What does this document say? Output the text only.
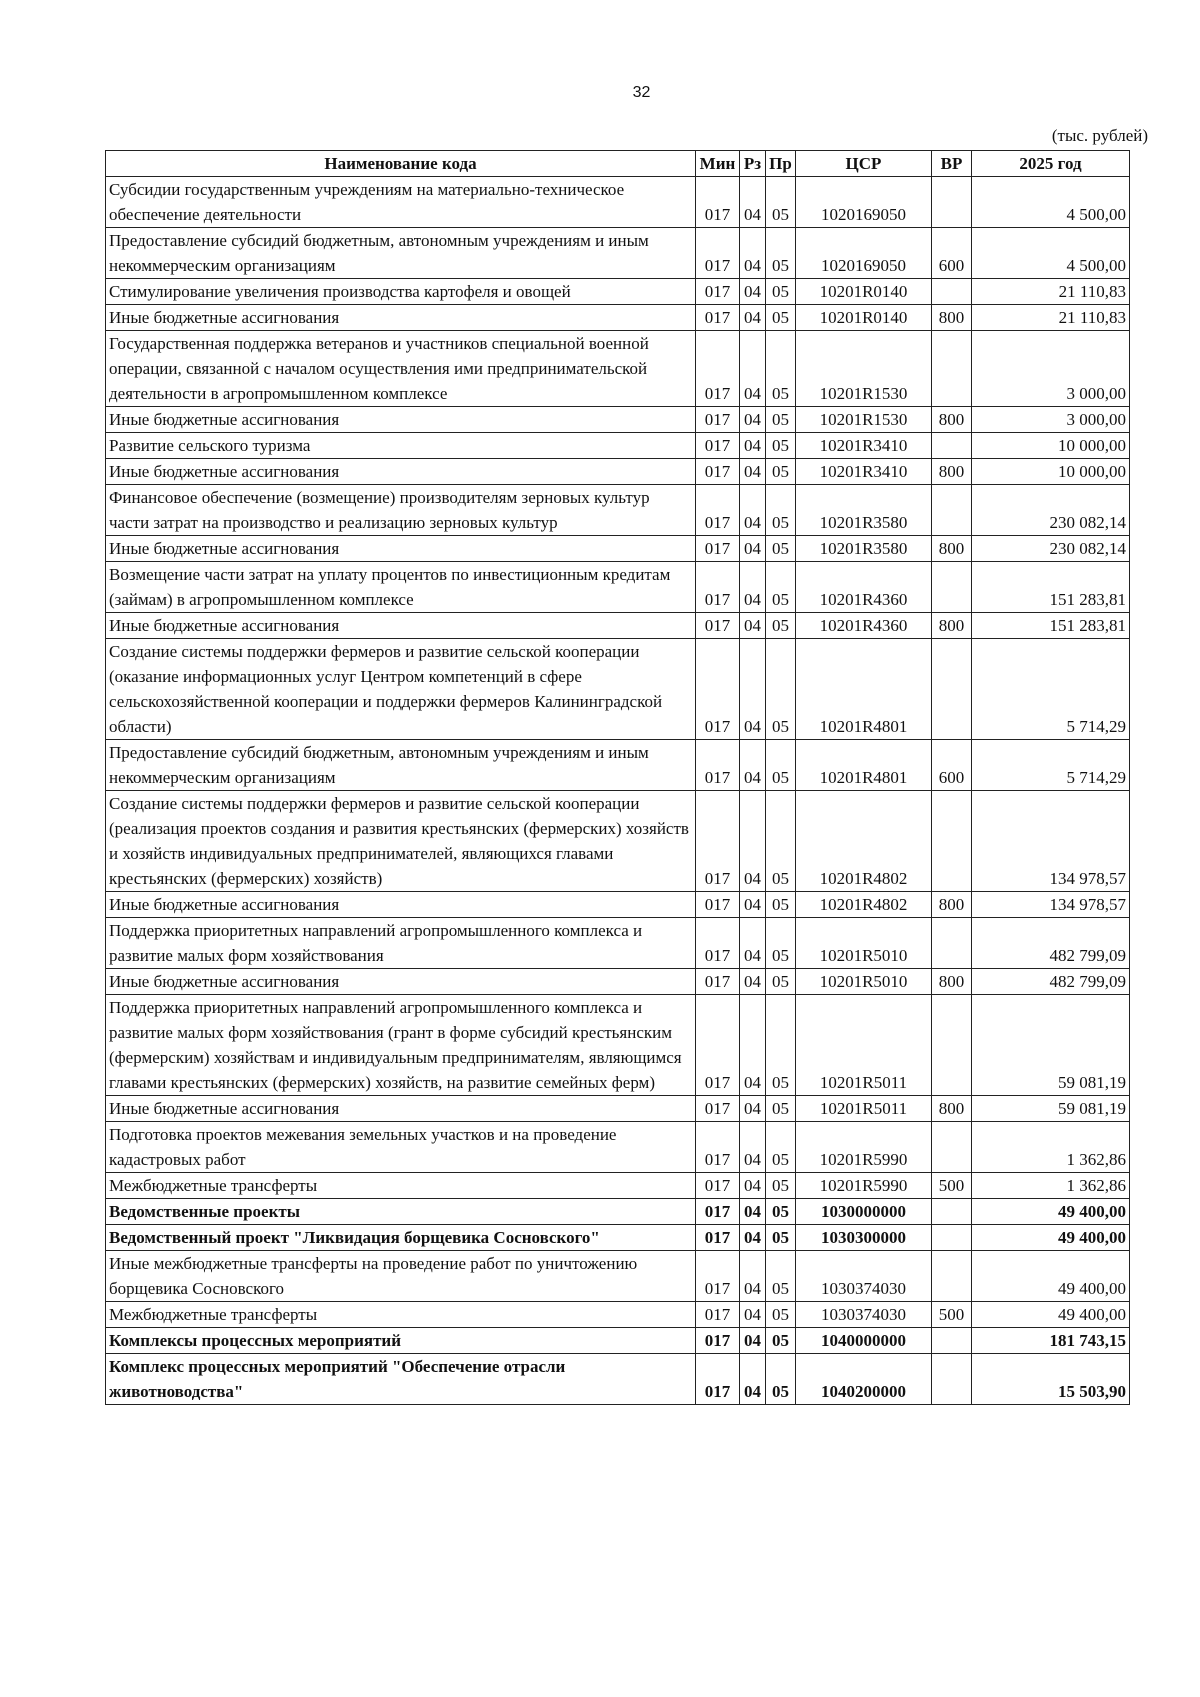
32
(тыс. рублей)
Наименование кода	Мин	Рз	Пр	ЦСР	ВР	2025 год
Субсидии государственным учреждениям на материально-техническое обеспечение деятельности	017	04	05	1020169050		4 500,00
Предоставление субсидий бюджетным, автономным учреждениям и иным некоммерческим организациям	017	04	05	1020169050	600	4 500,00
Стимулирование увеличения производства картофеля и овощей	017	04	05	10201R0140		21 110,83
Иные бюджетные ассигнования	017	04	05	10201R0140	800	21 110,83
Государственная поддержка ветеранов и участников специальной военной операции, связанной с началом осуществления ими предпринимательской деятельности в агропромышленном комплексе	017	04	05	10201R1530		3 000,00
Иные бюджетные ассигнования	017	04	05	10201R1530	800	3 000,00
Развитие сельского туризма	017	04	05	10201R3410		10 000,00
Иные бюджетные ассигнования	017	04	05	10201R3410	800	10 000,00
Финансовое обеспечение (возмещение) производителям зерновых культур части затрат на производство и реализацию зерновых культур	017	04	05	10201R3580		230 082,14
Иные бюджетные ассигнования	017	04	05	10201R3580	800	230 082,14
Возмещение части затрат на уплату процентов по инвестиционным кредитам (займам) в агропромышленном комплексе	017	04	05	10201R4360		151 283,81
Иные бюджетные ассигнования	017	04	05	10201R4360	800	151 283,81
Создание системы поддержки фермеров и развитие сельской кооперации (оказание информационных услуг Центром компетенций в сфере сельскохозяйственной кооперации и поддержки фермеров Калининградской области)	017	04	05	10201R4801		5 714,29
Предоставление субсидий бюджетным, автономным учреждениям и иным некоммерческим организациям	017	04	05	10201R4801	600	5 714,29
Создание системы поддержки фермеров и развитие сельской кооперации (реализация проектов создания и развития крестьянских (фермерских) хозяйств и хозяйств индивидуальных предпринимателей, являющихся главами крестьянских (фермерских) хозяйств)	017	04	05	10201R4802		134 978,57
Иные бюджетные ассигнования	017	04	05	10201R4802	800	134 978,57
Поддержка приоритетных направлений агропромышленного комплекса и развитие малых форм хозяйствования	017	04	05	10201R5010		482 799,09
Иные бюджетные ассигнования	017	04	05	10201R5010	800	482 799,09
Поддержка приоритетных направлений агропромышленного комплекса и развитие малых форм хозяйствования (грант в форме субсидий крестьянским (фермерским) хозяйствам и индивидуальным предпринимателям, являющимся главами крестьянских (фермерских) хозяйств, на развитие семейных ферм)	017	04	05	10201R5011		59 081,19
Иные бюджетные ассигнования	017	04	05	10201R5011	800	59 081,19
Подготовка проектов межевания земельных участков и на проведение кадастровых работ	017	04	05	10201R5990		1 362,86
Межбюджетные трансферты	017	04	05	10201R5990	500	1 362,86
Ведомственные проекты	017	04	05	1030000000		49 400,00
Ведомственный проект "Ликвидация борщевика Сосновского"	017	04	05	1030300000		49 400,00
Иные межбюджетные трансферты на проведение работ по уничтожению борщевика Сосновского	017	04	05	1030374030		49 400,00
Межбюджетные трансферты	017	04	05	1030374030	500	49 400,00
Комплексы процессных мероприятий	017	04	05	1040000000		181 743,15
Комплекс процессных мероприятий "Обеспечение отрасли животноводства"	017	04	05	1040200000		15 503,90
